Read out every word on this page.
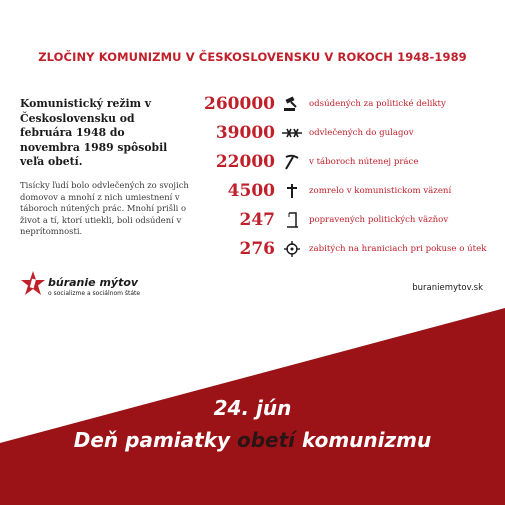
ZLOČINY KOMUNIZMU V ČESKOSLOVENSKU V ROKOCH 1948-1989
Komunistický režim v Československu od februára 1948 do novembra 1989 spôsobil veľa obetí.
Tisícky ľudí bolo odvlečených zo svojich domovov a mnohí z nich umiestnení v táboroch nútených prác. Mnohí prišli o život a tí, ktorí utiekli, boli odsúdení v neprítomnosti.
260000	odsúdených za politické delikty
39000	odvlečených do gulagov
22000	v táboroch nútenej práce
4500	zomrelo v komunistickom väzení
247	popravených politických väzňov
276	zabitých na hraniciach pri pokuse o útek
búranie mýtov
o socializme a sociálnom štáte
buraniemytov.sk
24. jún
Deň pamiatky obetí komunizmu
